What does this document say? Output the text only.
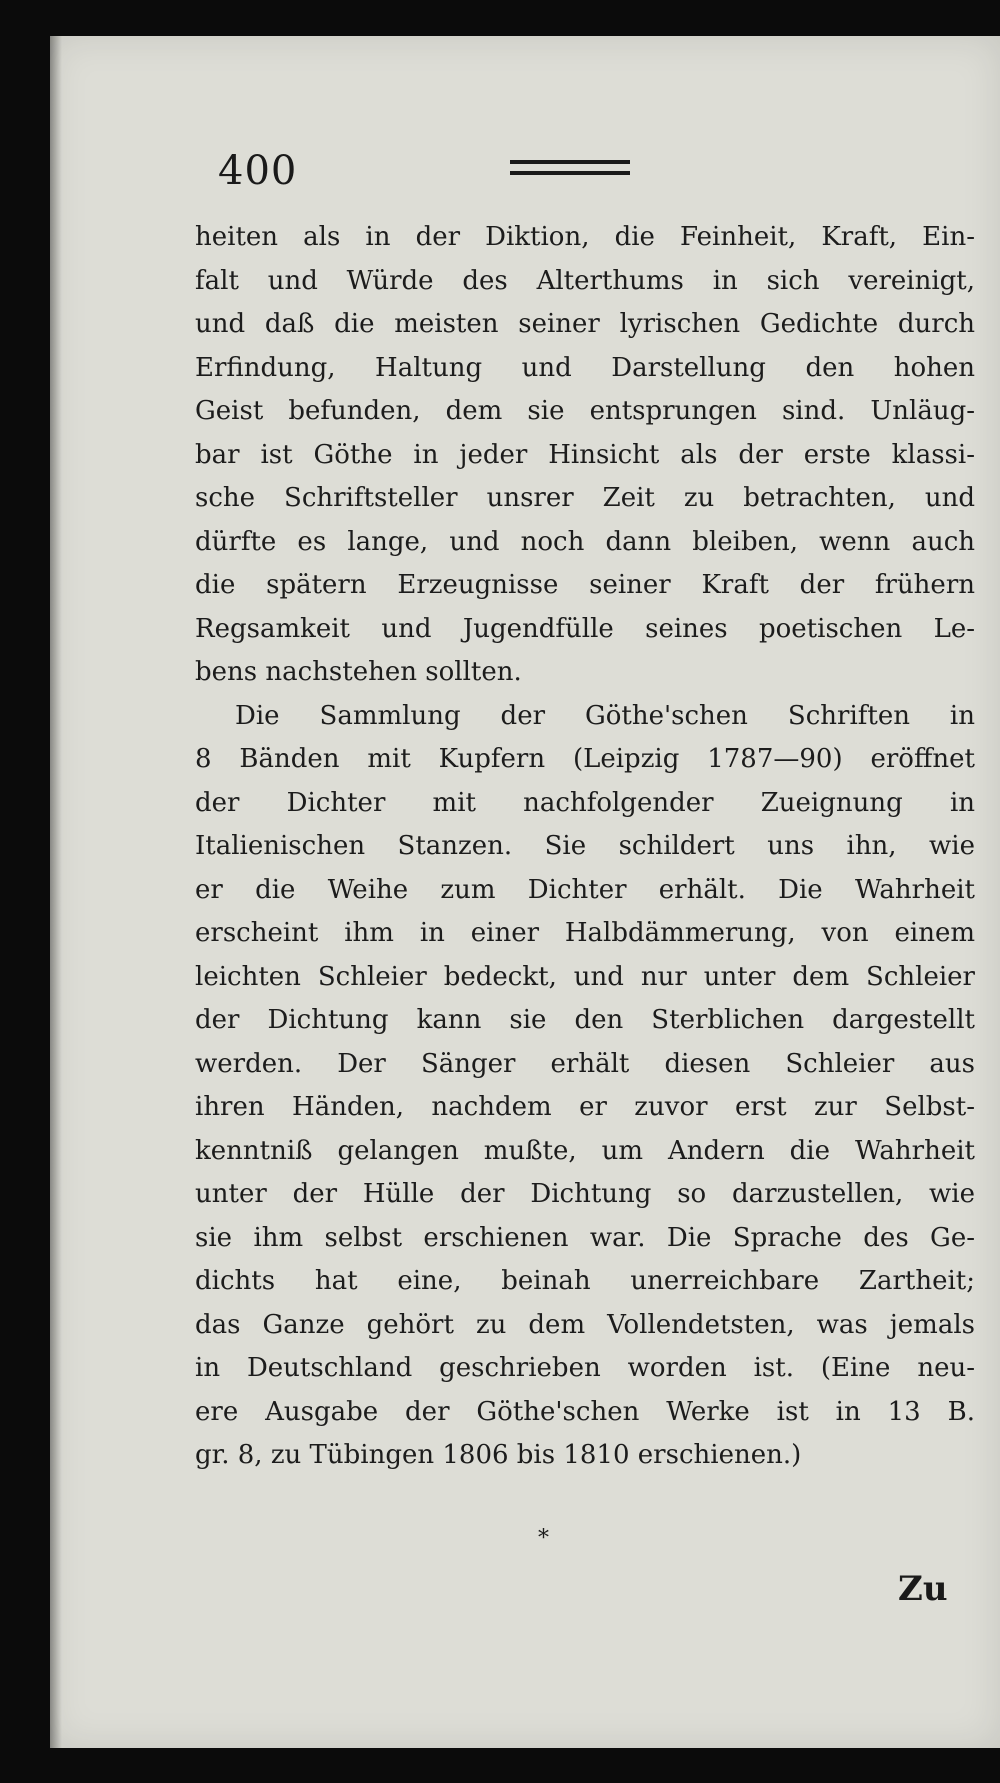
400
heiten als in der Diktion, die Feinheit, Kraft, Ein-
falt und Würde des Alterthums in sich vereinigt,
und daß die meisten seiner lyrischen Gedichte durch
Erfindung, Haltung und Darstellung den hohen
Geist befunden, dem sie entsprungen sind. Unläug-
bar ist Göthe in jeder Hinsicht als der erste klassi-
sche Schriftsteller unsrer Zeit zu betrachten, und
dürfte es lange, und noch dann bleiben, wenn auch
die spätern Erzeugnisse seiner Kraft der frühern
Regsamkeit und Jugendfülle seines poetischen Le-
bens nachstehen sollten.
Die Sammlung der Göthe'schen Schriften in
8 Bänden mit Kupfern (Leipzig 1787—90) eröffnet
der Dichter mit nachfolgender Zueignung in
Italienischen Stanzen. Sie schildert uns ihn, wie
er die Weihe zum Dichter erhält. Die Wahrheit
erscheint ihm in einer Halbdämmerung, von einem
leichten Schleier bedeckt, und nur unter dem Schleier
der Dichtung kann sie den Sterblichen dargestellt
werden. Der Sänger erhält diesen Schleier aus
ihren Händen, nachdem er zuvor erst zur Selbst-
kenntniß gelangen mußte, um Andern die Wahrheit
unter der Hülle der Dichtung so darzustellen, wie
sie ihm selbst erschienen war. Die Sprache des Ge-
dichts hat eine, beinah unerreichbare Zartheit;
das Ganze gehört zu dem Vollendetsten, was jemals
in Deutschland geschrieben worden ist. (Eine neu-
ere Ausgabe der Göthe'schen Werke ist in 13 B.
gr. 8, zu Tübingen 1806 bis 1810 erschienen.)
*
Zu
